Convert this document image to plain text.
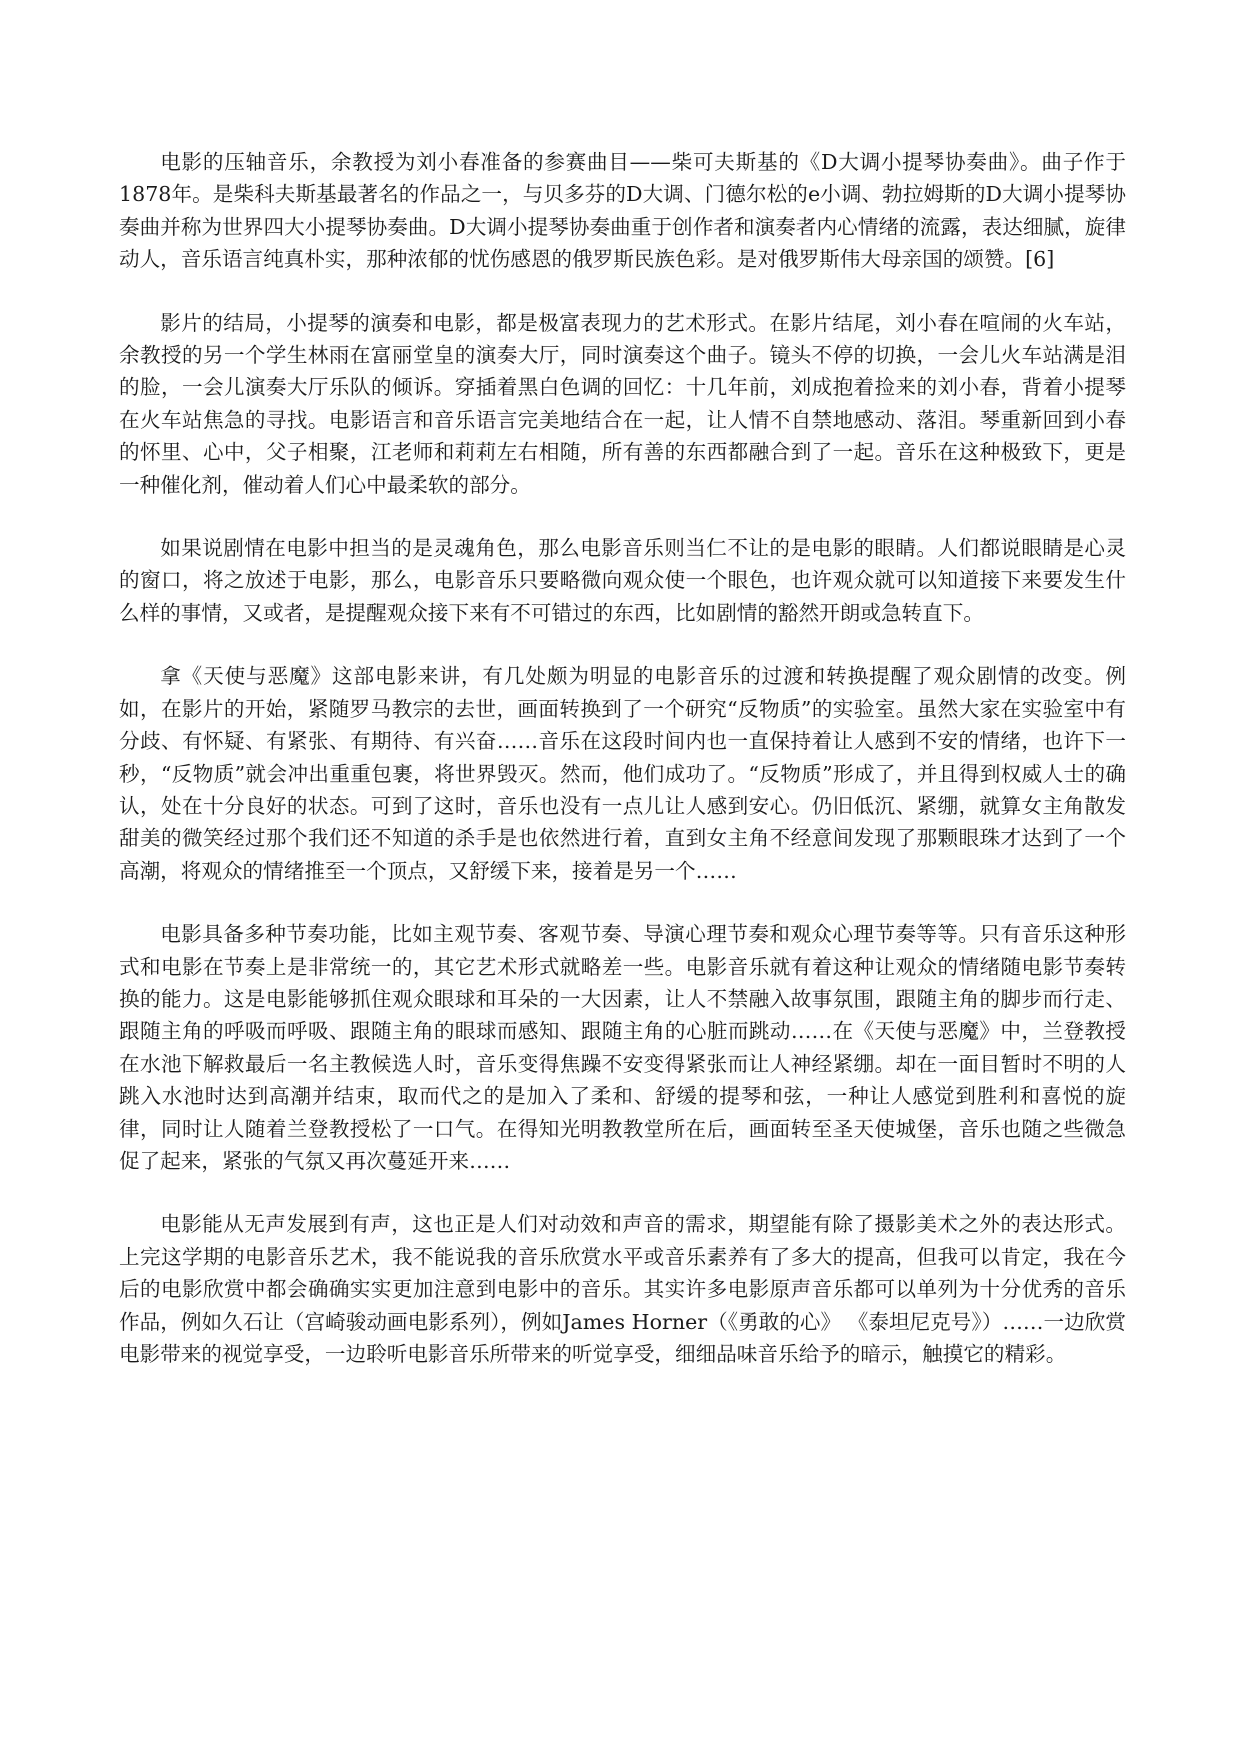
电影的压轴音乐，余教授为刘小春准备的参赛曲目——柴可夫斯基的《D大调小提琴协奏曲》。曲子作于1878年。是柴科夫斯基最著名的作品之一，与贝多芬的D大调、门德尔松的e小调、勃拉姆斯的D大调小提琴协奏曲并称为世界四大小提琴协奏曲。D大调小提琴协奏曲重于创作者和演奏者内心情绪的流露，表达细腻，旋律动人，音乐语言纯真朴实，那种浓郁的忧伤感恩的俄罗斯民族色彩。是对俄罗斯伟大母亲国的颂赞。[6]

影片的结局，小提琴的演奏和电影，都是极富表现力的艺术形式。在影片结尾，刘小春在喧闹的火车站，余教授的另一个学生林雨在富丽堂皇的演奏大厅，同时演奏这个曲子。镜头不停的切换，一会儿火车站满是泪的脸，一会儿演奏大厅乐队的倾诉。穿插着黑白色调的回忆：十几年前，刘成抱着捡来的刘小春，背着小提琴在火车站焦急的寻找。电影语言和音乐语言完美地结合在一起，让人情不自禁地感动、落泪。琴重新回到小春的怀里、心中，父子相聚，江老师和莉莉左右相随，所有善的东西都融合到了一起。音乐在这种极致下，更是一种催化剂，催动着人们心中最柔软的部分。

如果说剧情在电影中担当的是灵魂角色，那么电影音乐则当仁不让的是电影的眼睛。人们都说眼睛是心灵的窗口，将之放述于电影，那么，电影音乐只要略微向观众使一个眼色，也许观众就可以知道接下来要发生什么样的事情，又或者，是提醒观众接下来有不可错过的东西，比如剧情的豁然开朗或急转直下。

拿《天使与恶魔》这部电影来讲，有几处颇为明显的电影音乐的过渡和转换提醒了观众剧情的改变。例如，在影片的开始，紧随罗马教宗的去世，画面转换到了一个研究“反物质”的实验室。虽然大家在实验室中有分歧、有怀疑、有紧张、有期待、有兴奋……音乐在这段时间内也一直保持着让人感到不安的情绪，也许下一秒，“反物质”就会冲出重重包裹，将世界毁灭。然而，他们成功了。“反物质”形成了，并且得到权威人士的确认，处在十分良好的状态。可到了这时，音乐也没有一点儿让人感到安心。仍旧低沉、紧绷，就算女主角散发甜美的微笑经过那个我们还不知道的杀手是也依然进行着，直到女主角不经意间发现了那颗眼珠才达到了一个高潮，将观众的情绪推至一个顶点，又舒缓下来，接着是另一个……

电影具备多种节奏功能，比如主观节奏、客观节奏、导演心理节奏和观众心理节奏等等。只有音乐这种形式和电影在节奏上是非常统一的，其它艺术形式就略差一些。电影音乐就有着这种让观众的情绪随电影节奏转换的能力。这是电影能够抓住观众眼球和耳朵的一大因素，让人不禁融入故事氛围，跟随主角的脚步而行走、跟随主角的呼吸而呼吸、跟随主角的眼球而感知、跟随主角的心脏而跳动……在《天使与恶魔》中，兰登教授在水池下解救最后一名主教候选人时，音乐变得焦躁不安变得紧张而让人神经紧绷。却在一面目暂时不明的人跳入水池时达到高潮并结束，取而代之的是加入了柔和、舒缓的提琴和弦，一种让人感觉到胜利和喜悦的旋律，同时让人随着兰登教授松了一口气。在得知光明教教堂所在后，画面转至圣天使城堡，音乐也随之些微急促了起来，紧张的气氛又再次蔓延开来……

电影能从无声发展到有声，这也正是人们对动效和声音的需求，期望能有除了摄影美术之外的表达形式。上完这学期的电影音乐艺术，我不能说我的音乐欣赏水平或音乐素养有了多大的提高，但我可以肯定，我在今后的电影欣赏中都会确确实实更加注意到电影中的音乐。其实许多电影原声音乐都可以单列为十分优秀的音乐作品，例如久石让（宫崎骏动画电影系列），例如James Horner（《勇敢的心》 《泰坦尼克号》）……一边欣赏电影带来的视觉享受，一边聆听电影音乐所带来的听觉享受，细细品味音乐给予的暗示，触摸它的精彩。
